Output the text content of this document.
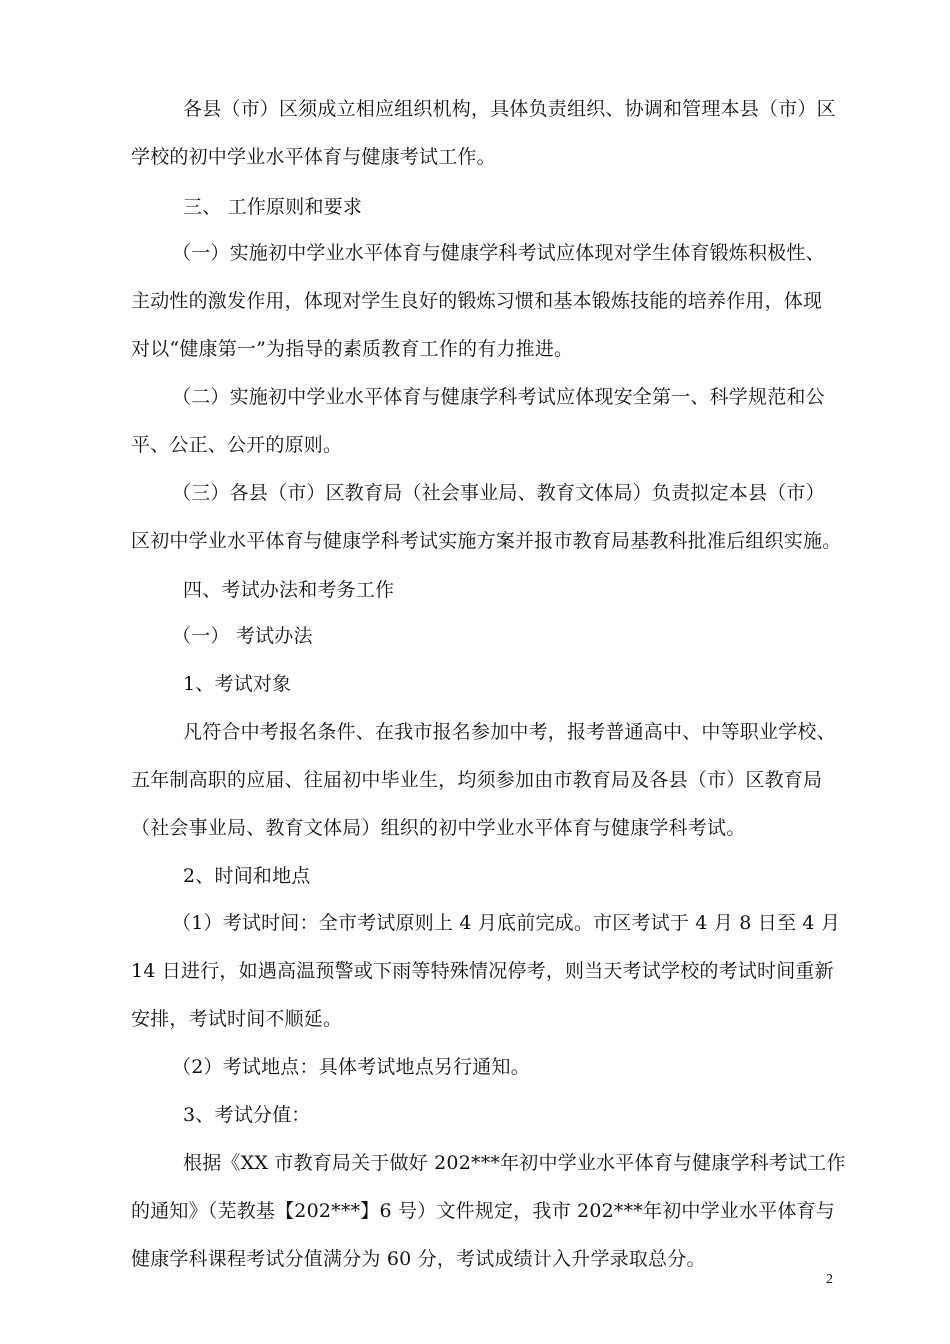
各县（市）区须成立相应组织机构，具体负责组织、协调和管理本县（市）区
学校的初中学业水平体育与健康考试工作。
三、 工作原则和要求
（一）实施初中学业水平体育与健康学科考试应体现对学生体育锻炼积极性、
主动性的激发作用，体现对学生良好的锻炼习惯和基本锻炼技能的培养作用，体现
对以“健康第一”为指导的素质教育工作的有力推进。
（二）实施初中学业水平体育与健康学科考试应体现安全第一、科学规范和公
平、公正、公开的原则。
（三）各县（市）区教育局（社会事业局、教育文体局）负责拟定本县（市）
区初中学业水平体育与健康学科考试实施方案并报市教育局基教科批准后组织实施。
四、考试办法和考务工作
（一） 考试办法
1、考试对象
凡符合中考报名条件、在我市报名参加中考，报考普通高中、中等职业学校、
五年制高职的应届、往届初中毕业生，均须参加由市教育局及各县（市）区教育局
（社会事业局、教育文体局）组织的初中学业水平体育与健康学科考试。
2、时间和地点
（1）考试时间：全市考试原则上 4 月底前完成。市区考试于 4 月 8 日至 4 月
14 日进行，如遇高温预警或下雨等特殊情况停考，则当天考试学校的考试时间重新
安排，考试时间不顺延。
（2）考试地点：具体考试地点另行通知。
3、考试分值：
根据《XX 市教育局关于做好 202***年初中学业水平体育与健康学科考试工作
的通知》（芜教基【202***】6 号）文件规定，我市 202***年初中学业水平体育与
健康学科课程考试分值满分为 60 分，考试成绩计入升学录取总分。
2
